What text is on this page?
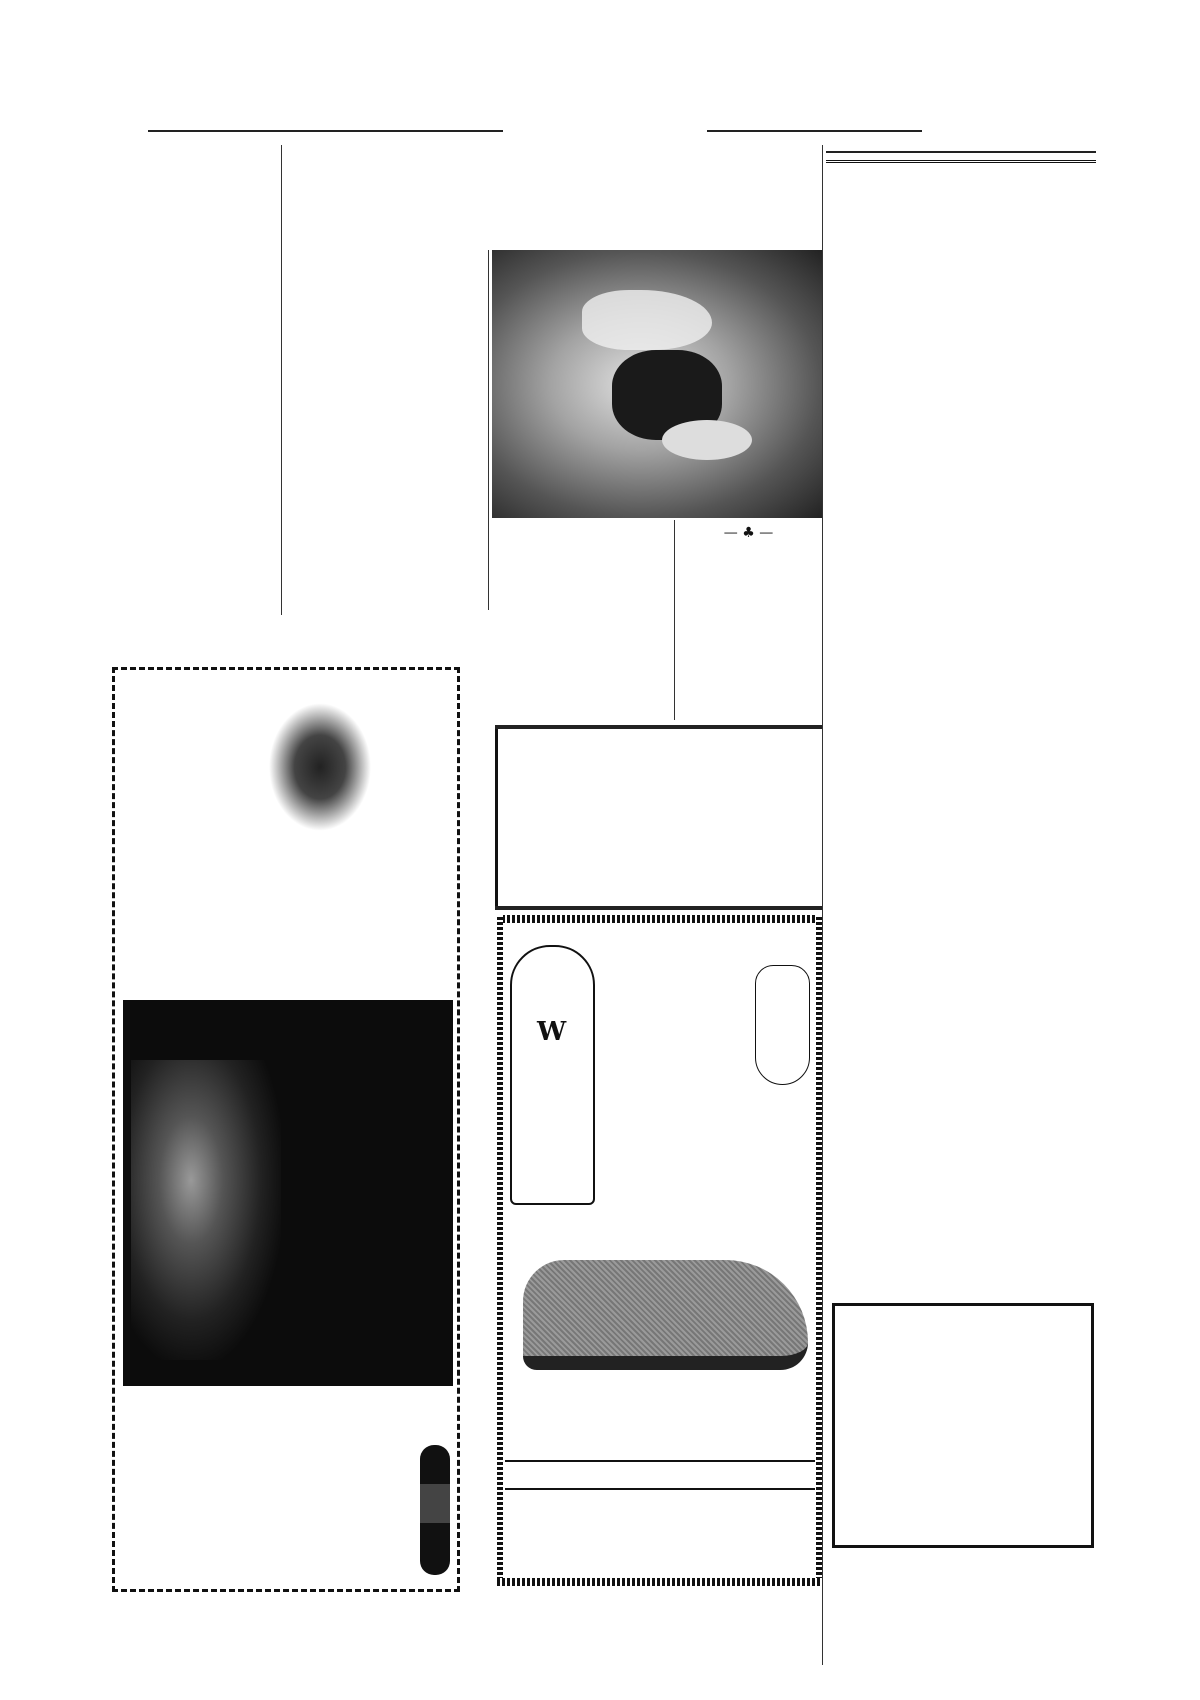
— ♣ —

W
